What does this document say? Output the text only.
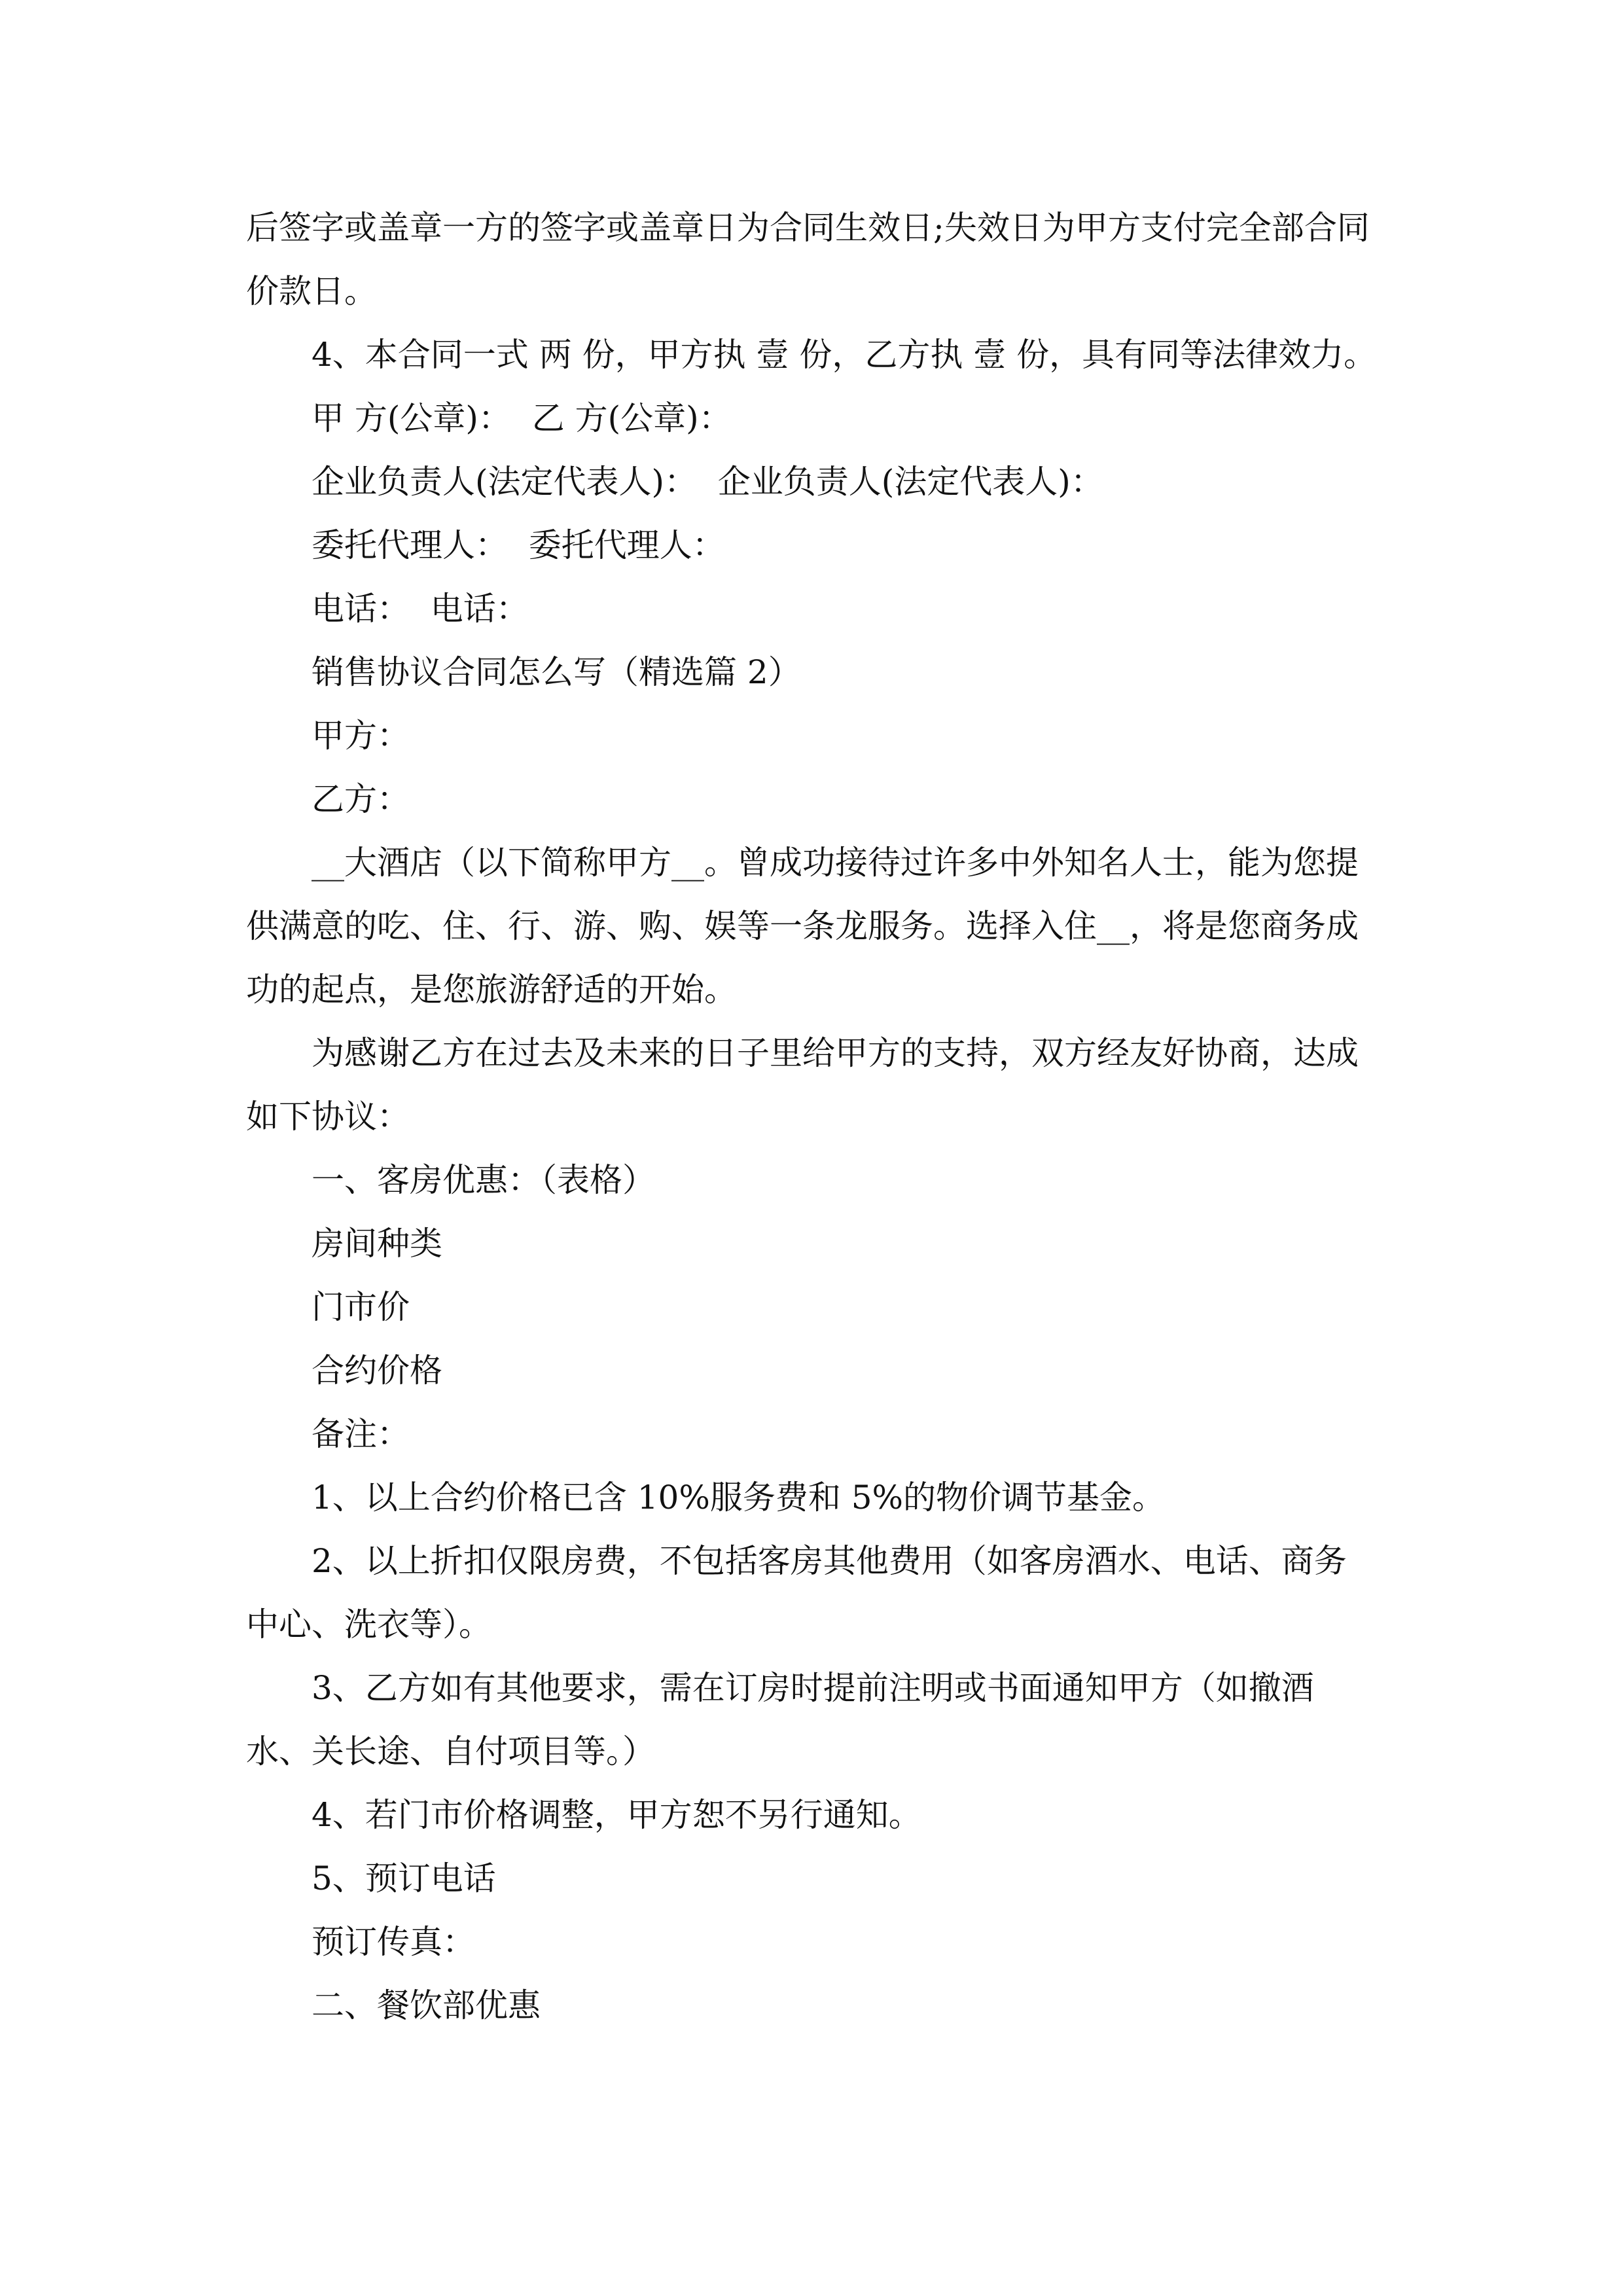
后签字或盖章一方的签字或盖章日为合同生效日;失效日为甲方支付完全部合同价款日。

4、本合同一式 两 份，甲方执 壹 份，乙方执 壹 份，具有同等法律效力。

甲 方(公章)：  乙 方(公章)：

企业负责人(法定代表人)：  企业负责人(法定代表人)：

委托代理人：  委托代理人：

电话：  电话：

销售协议合同怎么写（精选篇 2）

甲方：

乙方：

__大酒店（以下简称甲方__。曾成功接待过许多中外知名人士，能为您提供满意的吃、住、行、游、购、娱等一条龙服务。选择入住__，将是您商务成功的起点，是您旅游舒适的开始。

为感谢乙方在过去及未来的日子里给甲方的支持，双方经友好协商，达成如下协议：

一、客房优惠：（表格）

房间种类

门市价

合约价格

备注：

1、以上合约价格已含 10%服务费和 5%的物价调节基金。

2、以上折扣仅限房费，不包括客房其他费用（如客房酒水、电话、商务中心、洗衣等）。

3、乙方如有其他要求，需在订房时提前注明或书面通知甲方（如撤酒水、关长途、自付项目等。）

4、若门市价格调整，甲方恕不另行通知。

5、预订电话

预订传真：

二、餐饮部优惠
